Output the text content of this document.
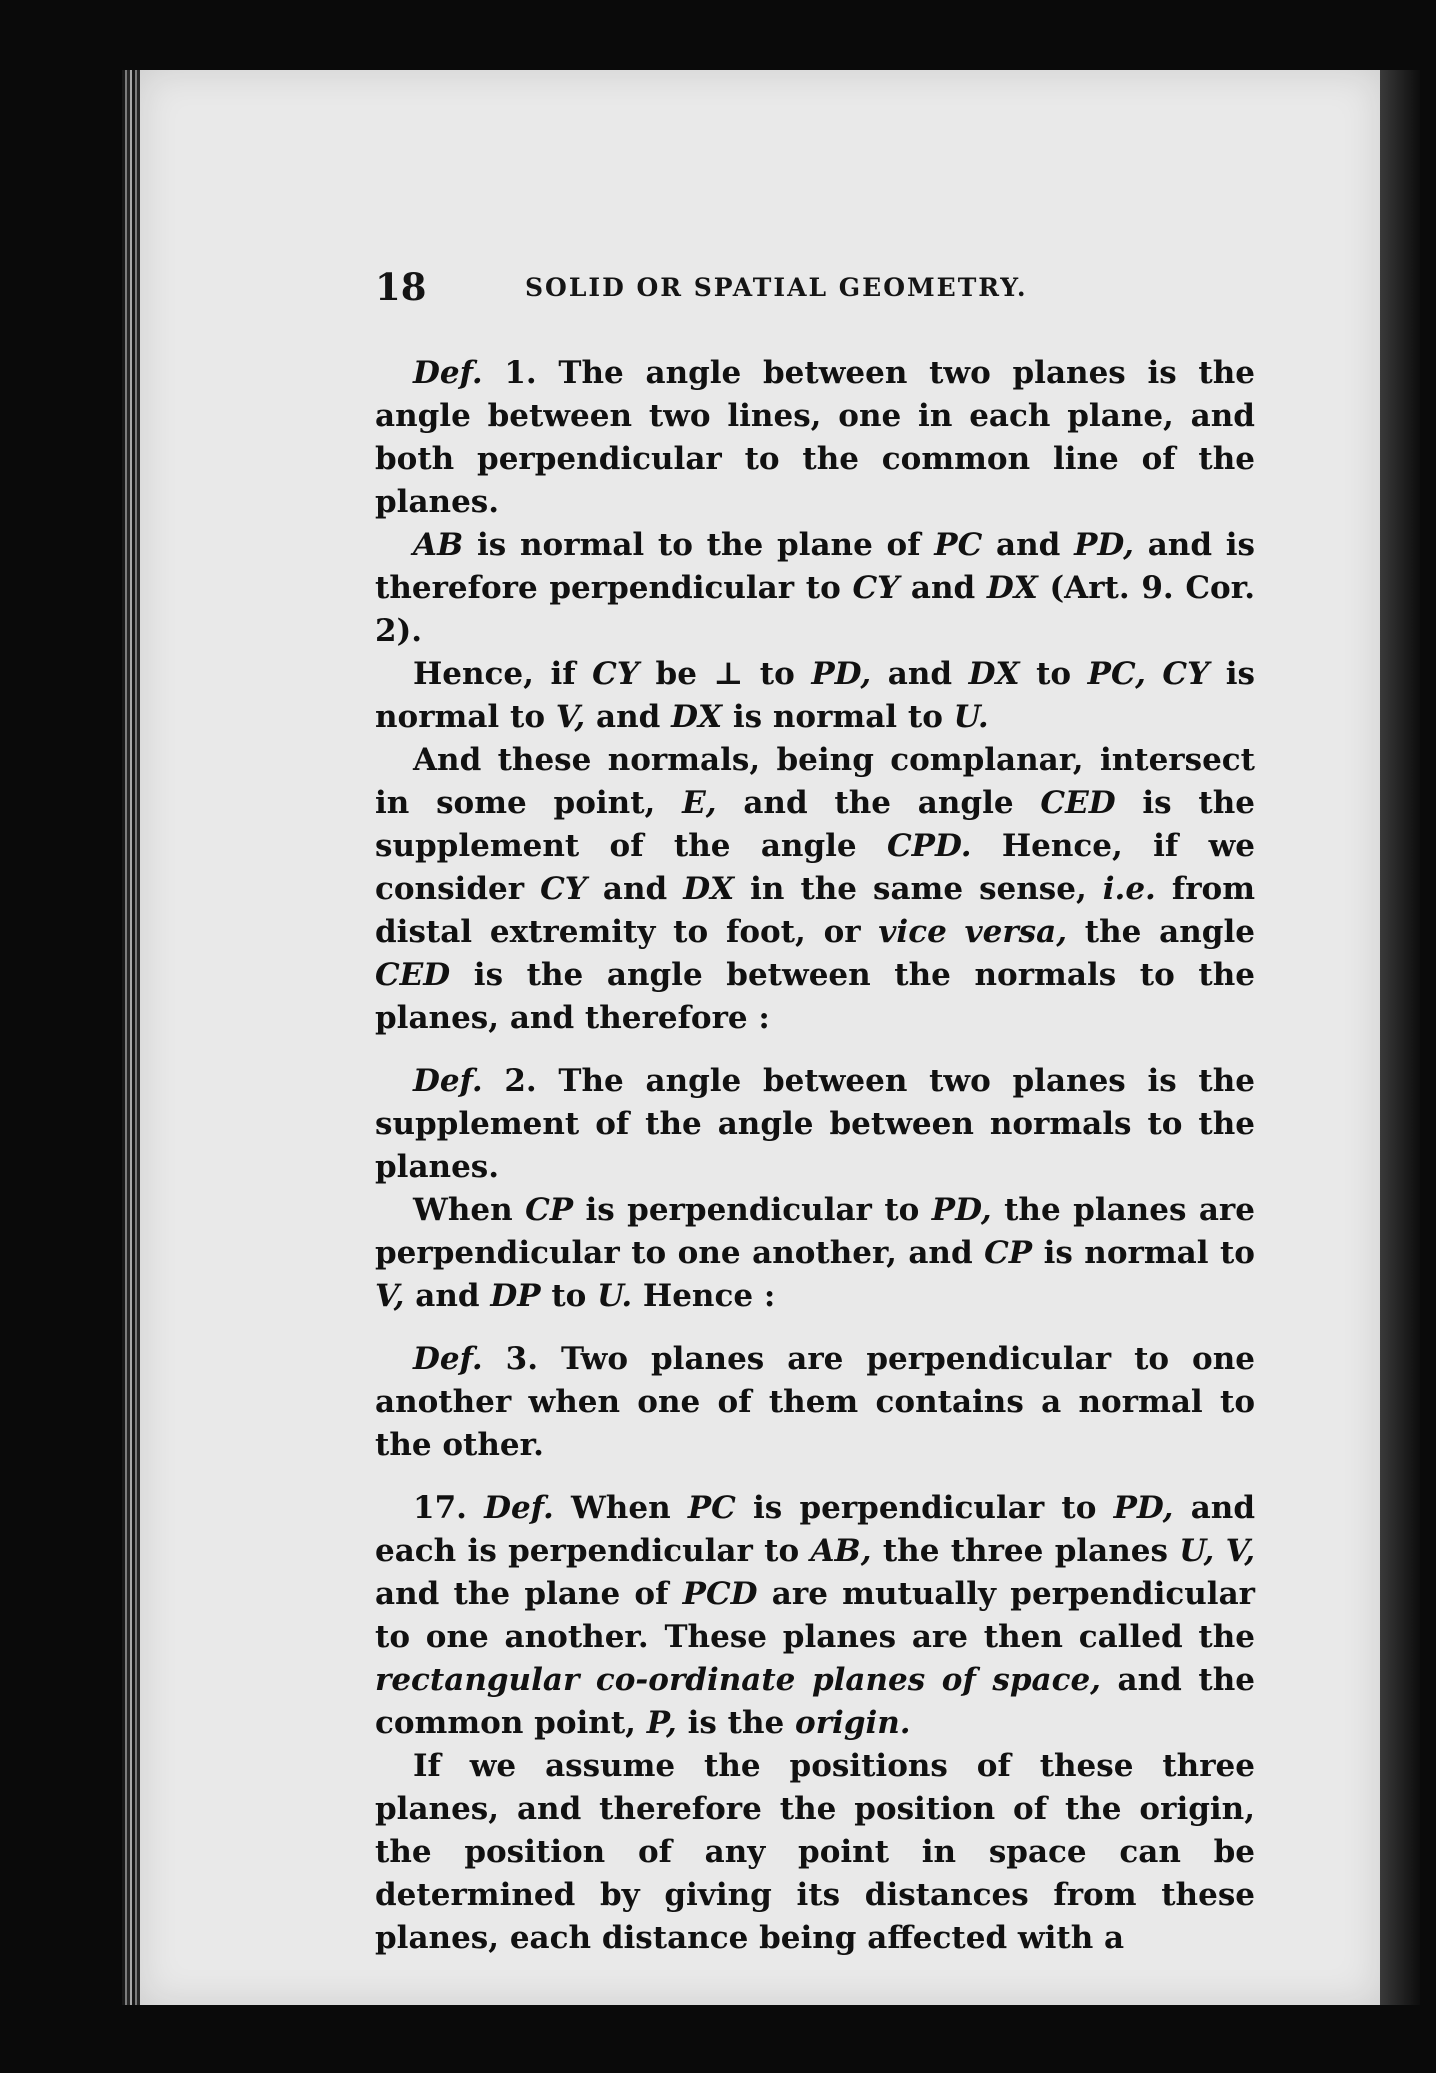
18	SOLID OR SPATIAL GEOMETRY.

Def. 1. The angle between two planes is the angle between two lines, one in each plane, and both perpendicular to the common line of the planes.

AB is normal to the plane of PC and PD, and is therefore perpendicular to CY and DX (Art. 9. Cor. 2).

Hence, if CY be ⊥ to PD, and DX to PC, CY is normal to V, and DX is normal to U.

And these normals, being complanar, intersect in some point, E, and the angle CED is the supplement of the angle CPD. Hence, if we consider CY and DX in the same sense, i.e. from distal extremity to foot, or vice versa, the angle CED is the angle between the normals to the planes, and therefore :

Def. 2. The angle between two planes is the supplement of the angle between normals to the planes.

When CP is perpendicular to PD, the planes are perpendicular to one another, and CP is normal to V, and DP to U. Hence :

Def. 3. Two planes are perpendicular to one another when one of them contains a normal to the other.

17. Def. When PC is perpendicular to PD, and each is perpendicular to AB, the three planes U, V, and the plane of PCD are mutually perpendicular to one another. These planes are then called the rectangular co-ordinate planes of space, and the common point, P, is the origin.

If we assume the positions of these three planes, and therefore the position of the origin, the position of any point in space can be determined by giving its distances from these planes, each distance being affected with a
